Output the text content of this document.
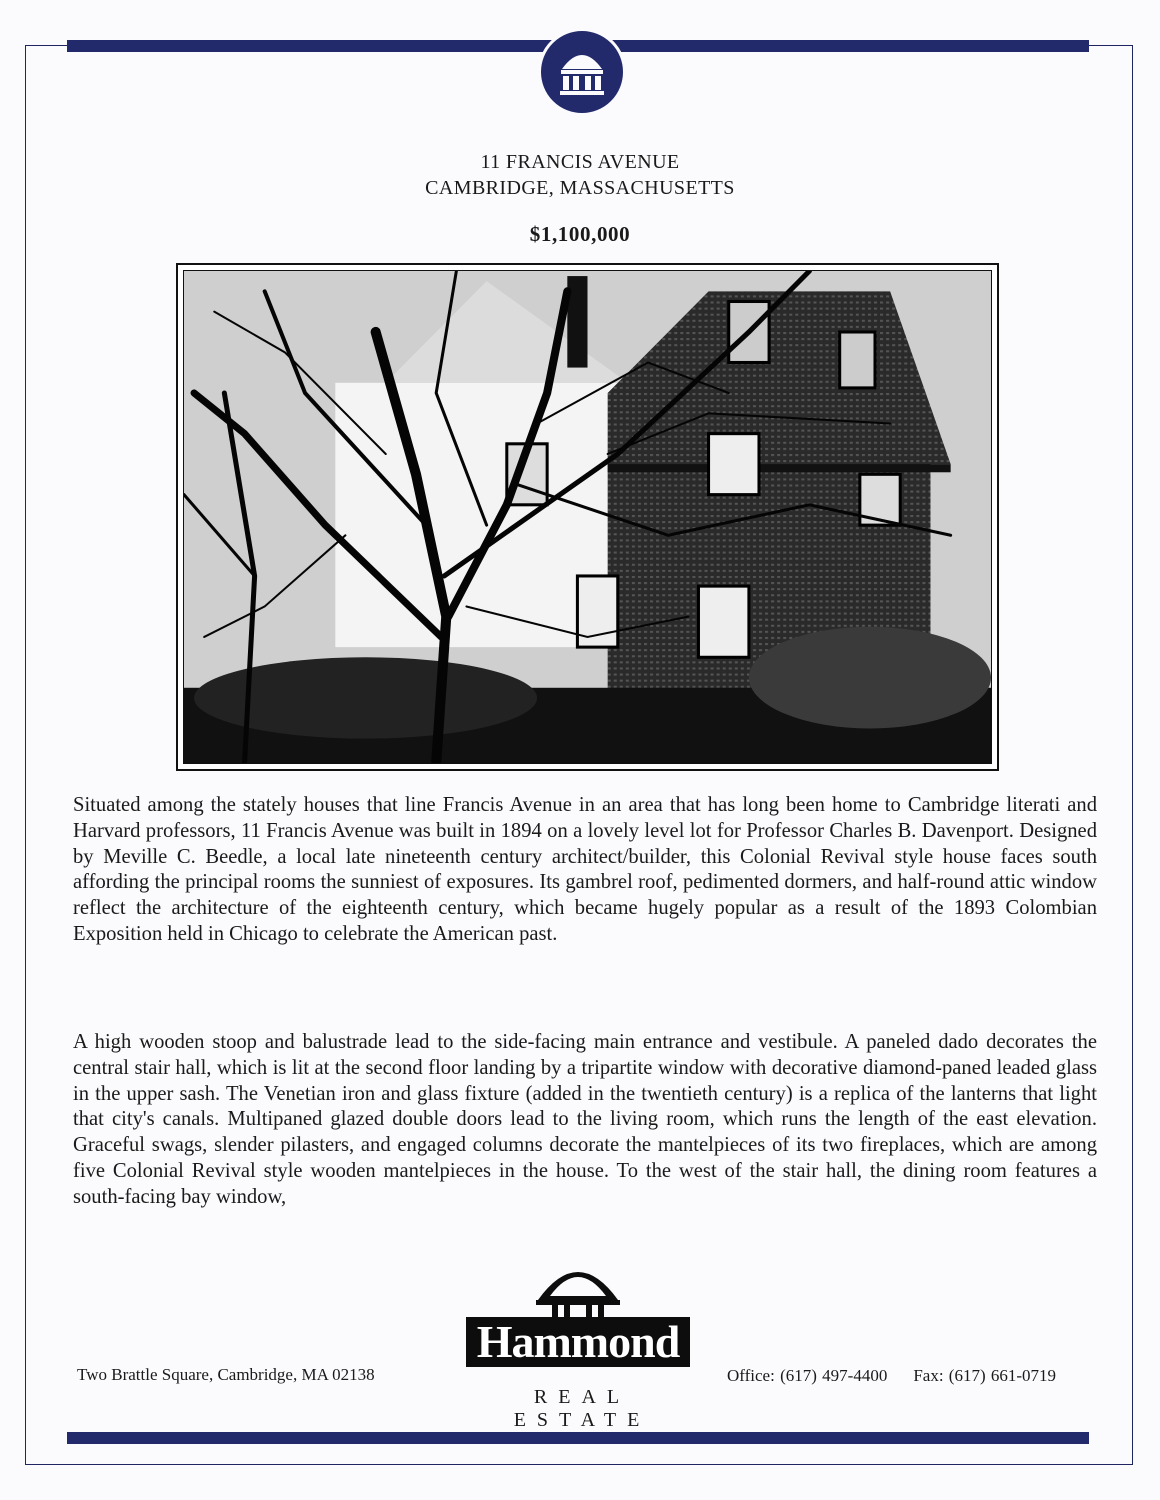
11 FRANCIS AVENUE
CAMBRIDGE, MASSACHUSETTS
$1,100,000

Situated among the stately houses that line Francis Avenue in an area that has long been home to Cambridge literati and Harvard professors, 11 Francis Avenue was built in 1894 on a lovely level lot for Professor Charles B. Davenport. Designed by Meville C. Beedle, a local late nineteenth century architect/builder, this Colonial Revival style house faces south affording the principal rooms the sunniest of exposures. Its gambrel roof, pedimented dormers, and half-round attic window reflect the architecture of the eighteenth century, which became hugely popular as a result of the 1893 Colombian Exposition held in Chicago to celebrate the American past.

A high wooden stoop and balustrade lead to the side-facing main entrance and vestibule. A paneled dado decorates the central stair hall, which is lit at the second floor landing by a tripartite window with decorative diamond-paned leaded glass in the upper sash. The Venetian iron and glass fixture (added in the twentieth century) is a replica of the lanterns that light that city's canals. Multipaned glazed double doors lead to the living room, which runs the length of the east elevation. Graceful swags, slender pilasters, and engaged columns decorate the mantelpieces of its two fireplaces, which are among five Colonial Revival style wooden mantelpieces in the house. To the west of the stair hall, the dining room features a south-facing bay window,

Hammond
REAL ESTATE
Two Brattle Square, Cambridge, MA 02138	Office: (617) 497-4400 Fax: (617) 661-0719
